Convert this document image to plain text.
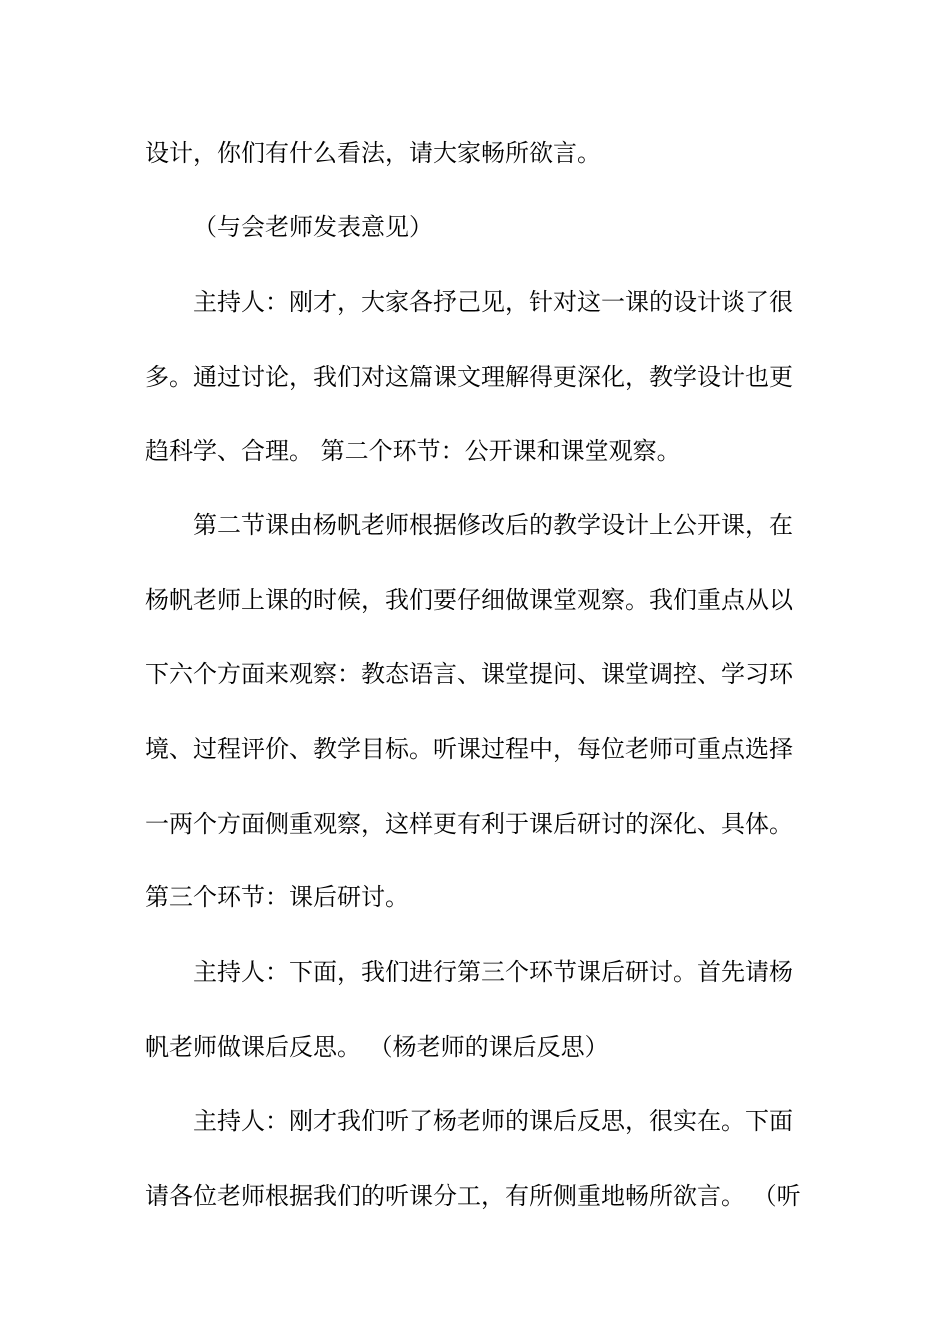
设计，你们有什么看法，请大家畅所欲言。
（与会老师发表意见）
主持人：刚才，大家各抒己见，针对这一课的设计谈了很
多。通过讨论，我们对这篇课文理解得更深化，教学设计也更
趋科学、合理。 第二个环节：公开课和课堂观察。
第二节课由杨帆老师根据修改后的教学设计上公开课，在
杨帆老师上课的时候，我们要仔细做课堂观察。我们重点从以
下六个方面来观察：教态语言、课堂提问、课堂调控、学习环
境、过程评价、教学目标。听课过程中，每位老师可重点选择
一两个方面侧重观察，这样更有利于课后研讨的深化、具体。
第三个环节：课后研讨。
主持人：下面，我们进行第三个环节课后研讨。首先请杨
帆老师做课后反思。 （杨老师的课后反思）
主持人：刚才我们听了杨老师的课后反思，很实在。下面
请各位老师根据我们的听课分工，有所侧重地畅所欲言。 （听
